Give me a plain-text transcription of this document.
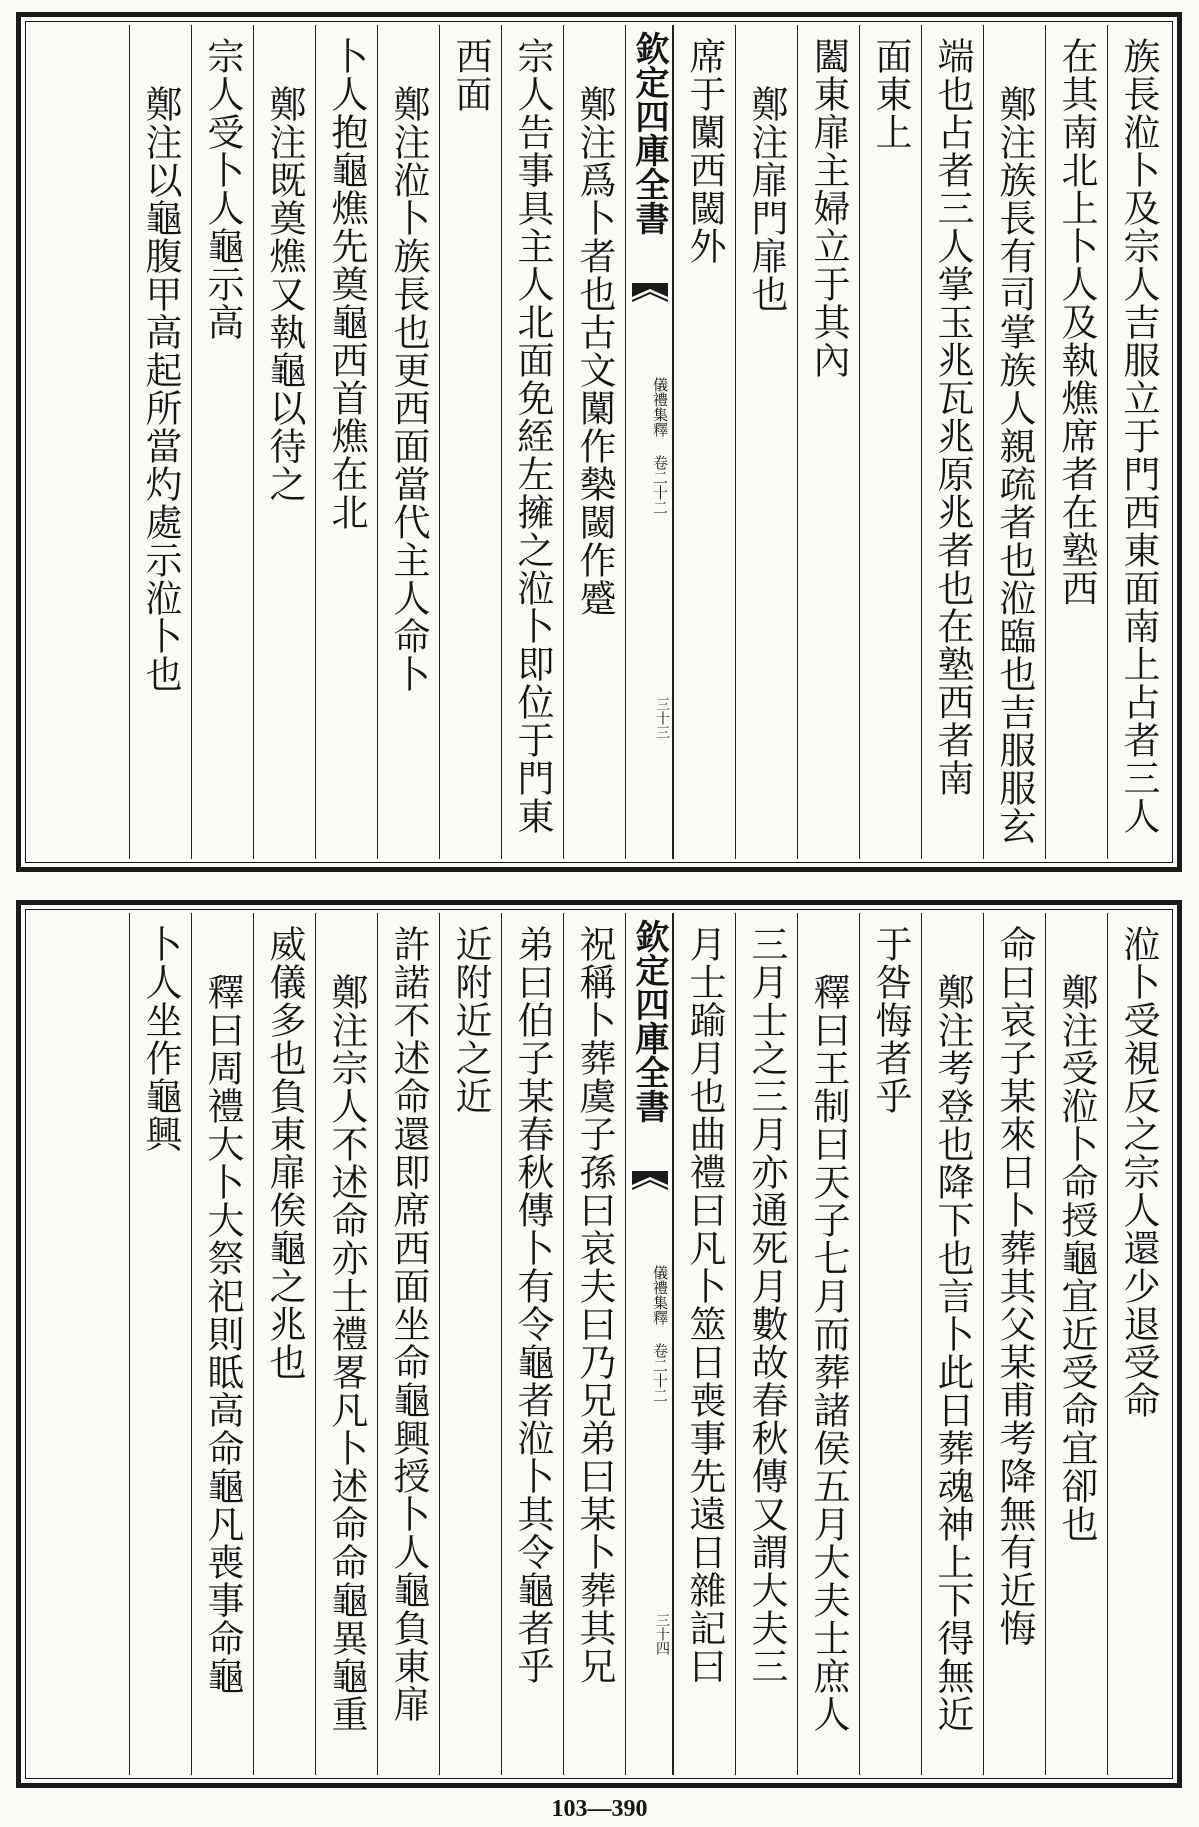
族長涖卜及宗人吉服立于門西東面南上占者三人
在其南北上卜人及執燋席者在塾西
鄭注族長有司掌族人親疏者也涖臨也吉服服玄
端也占者三人掌玉兆瓦兆原兆者也在塾西者南
面東上
闔東扉主婦立于其內
鄭注扉門扉也
席于闑西閾外
欽定四庫全書
儀禮集釋 卷二十二
三十三
鄭注爲卜者也古文闑作槷閾作蹙
宗人告事具主人北面免絰左擁之涖卜即位于門東
西面
鄭注涖卜族長也更西面當代主人命卜
卜人抱龜燋先奠龜西首燋在北
鄭注既奠燋又執龜以待之
宗人受卜人龜示高
鄭注以龜腹甲高起所當灼處示涖卜也
涖卜受視反之宗人還少退受命
鄭注受涖卜命授龜宜近受命宜卻也
命曰哀子某來日卜葬其父某甫考降無有近悔
鄭注考登也降下也言卜此日葬魂神上下得無近
于咎悔者乎
釋曰王制曰天子七月而葬諸侯五月大夫士庶人
三月士之三月亦通死月數故春秋傳又謂大夫三
月士踰月也曲禮曰凡卜筮日喪事先遠日雜記曰
欽定四庫全書
儀禮集釋 卷二十二
三十四
祝稱卜葬虞子孫曰哀夫曰乃兄弟曰某卜葬其兄
弟曰伯子某春秋傳卜有令龜者涖卜其令龜者乎
近附近之近
許諾不述命還即席西面坐命龜興授卜人龜負東扉
鄭注宗人不述命亦士禮畧凡卜述命命龜異龜重
威儀多也負東扉俟龜之兆也
釋曰周禮大卜大祭祀則眡高命龜凡喪事命龜
卜人坐作龜興
103—390
